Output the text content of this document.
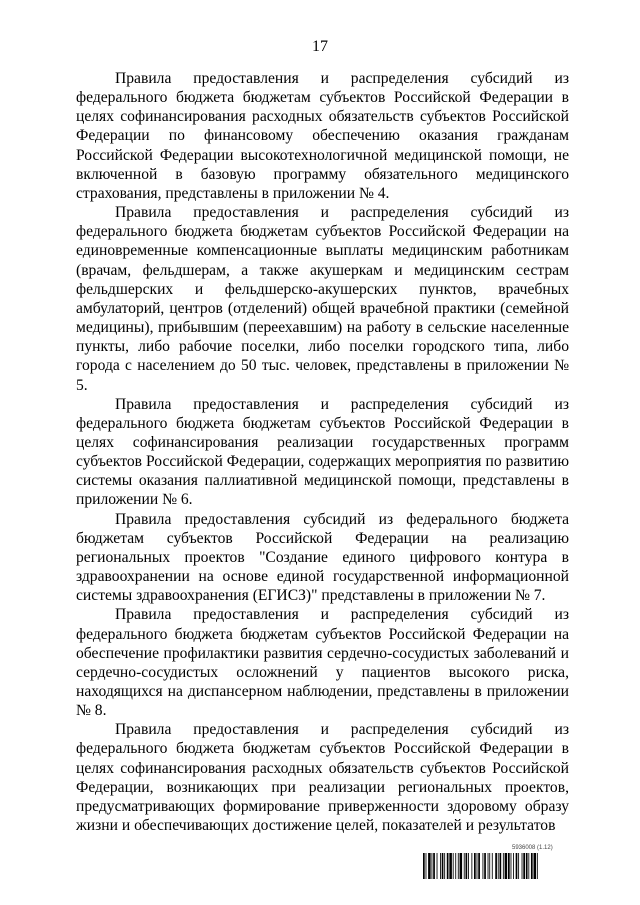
17

Правила предоставления и распределения субсидий из федерального бюджета бюджетам субъектов Российской Федерации в целях софинансирования расходных обязательств субъектов Российской Федерации по финансовому обеспечению оказания гражданам Российской Федерации высокотехнологичной медицинской помощи, не включенной в базовую программу обязательного медицинского страхования, представлены в приложении № 4.

Правила предоставления и распределения субсидий из федерального бюджета бюджетам субъектов Российской Федерации на единовременные компенсационные выплаты медицинским работникам (врачам, фельдшерам, а также акушеркам и медицинским сестрам фельдшерских и фельдшерско-акушерских пунктов, врачебных амбулаторий, центров (отделений) общей врачебной практики (семейной медицины), прибывшим (переехавшим) на работу в сельские населенные пункты, либо рабочие поселки, либо поселки городского типа, либо города с населением до 50 тыс. человек, представлены в приложении № 5.

Правила предоставления и распределения субсидий из федерального бюджета бюджетам субъектов Российской Федерации в целях софинансирования реализации государственных программ субъектов Российской Федерации, содержащих мероприятия по развитию системы оказания паллиативной медицинской помощи, представлены в приложении № 6.

Правила предоставления субсидий из федерального бюджета бюджетам субъектов Российской Федерации на реализацию региональных проектов "Создание единого цифрового контура в здравоохранении на основе единой государственной информационной системы здравоохранения (ЕГИСЗ)" представлены в приложении № 7.

Правила предоставления и распределения субсидий из федерального бюджета бюджетам субъектов Российской Федерации на обеспечение профилактики развития сердечно-сосудистых заболеваний и сердечно-сосудистых осложнений у пациентов высокого риска, находящихся на диспансерном наблюдении, представлены в приложении № 8.

Правила предоставления и распределения субсидий из федерального бюджета бюджетам субъектов Российской Федерации в целях софинансирования расходных обязательств субъектов Российской Федерации, возникающих при реализации региональных проектов, предусматривающих формирование приверженности здоровому образу жизни и обеспечивающих достижение целей, показателей и результатов

5936008 (1.12)
